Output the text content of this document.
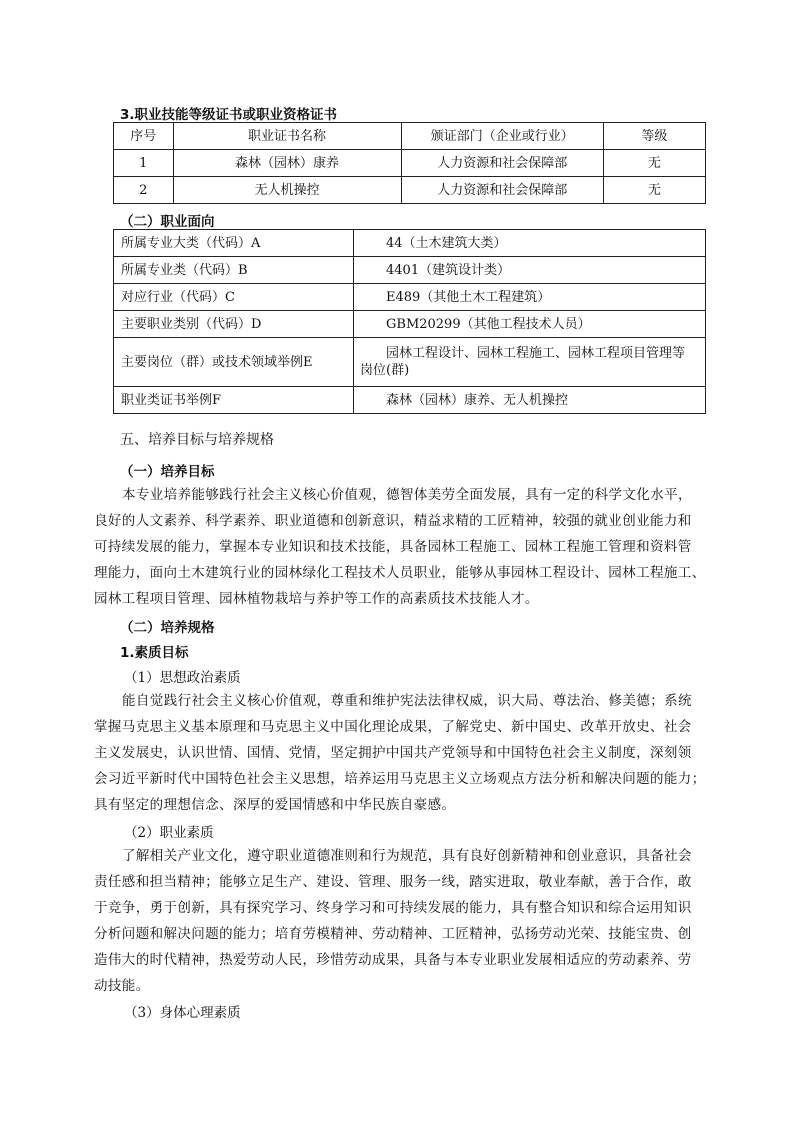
3.职业技能等级证书或职业资格证书
序号	职业证书名称	颁证部门（企业或行业）	等级
1	森林（园林）康养	人力资源和社会保障部	无
2	无人机操控	人力资源和社会保障部	无
（二）职业面向
所属专业大类（代码）A	44（土木建筑大类）
所属专业类（代码）B	4401（建筑设计类）
对应行业（代码）C	E489（其他土木工程建筑）
主要职业类别（代码）D	GBM20299（其他工程技术人员）
主要岗位（群）或技术领域举例E	园林工程设计、园林工程施工、园林工程项目管理等
岗位(群)

职业类证书举例F	森林（园林）康养、无人机操控
五、培养目标与培养规格
（一）培养目标
本专业培养能够践行社会主义核心价值观，德智体美劳全面发展，具有一定的科学文化水平，
良好的人文素养、科学素养、职业道德和创新意识，精益求精的工匠精神，较强的就业创业能力和
可持续发展的能力，掌握本专业知识和技术技能，具备园林工程施工、园林工程施工管理和资料管
理能力，面向土木建筑行业的园林绿化工程技术人员职业，能够从事园林工程设计、园林工程施工、
园林工程项目管理、园林植物栽培与养护等工作的高素质技术技能人才。
（二）培养规格
1.素质目标
（1）思想政治素质
能自觉践行社会主义核心价值观，尊重和维护宪法法律权威，识大局、尊法治、修美德；系统
掌握马克思主义基本原理和马克思主义中国化理论成果，了解党史、新中国史、改革开放史、社会
主义发展史，认识世情、国情、党情，坚定拥护中国共产党领导和中国特色社会主义制度，深刻领
会习近平新时代中国特色社会主义思想，培养运用马克思主义立场观点方法分析和解决问题的能力；
具有坚定的理想信念、深厚的爱国情感和中华民族自豪感。
（2）职业素质
了解相关产业文化，遵守职业道德准则和行为规范，具有良好创新精神和创业意识，具备社会
责任感和担当精神；能够立足生产、建设、管理、服务一线，踏实进取，敬业奉献，善于合作，敢
于竞争，勇于创新，具有探究学习、终身学习和可持续发展的能力，具有整合知识和综合运用知识
分析问题和解决问题的能力；培育劳模精神、劳动精神、工匠精神，弘扬劳动光荣、技能宝贵、创
造伟大的时代精神，热爱劳动人民，珍惜劳动成果，具备与本专业职业发展相适应的劳动素养、劳
动技能。
（3）身体心理素质
